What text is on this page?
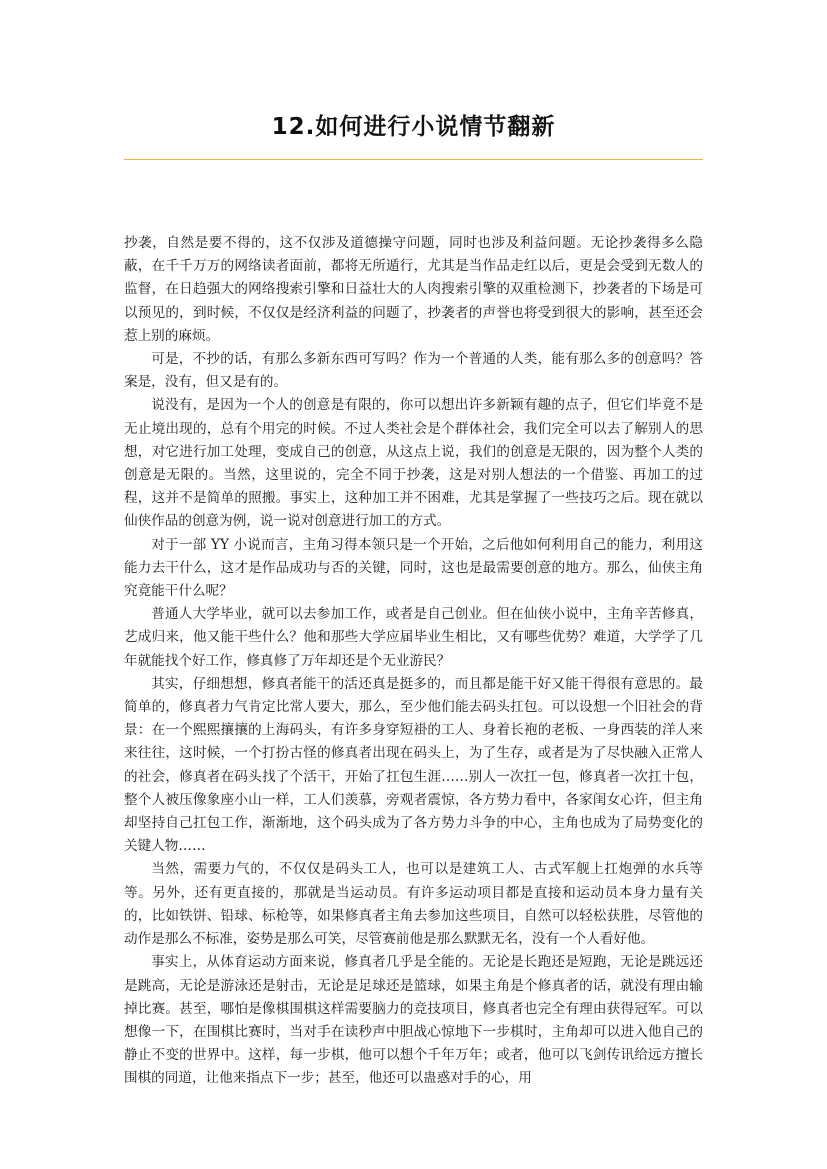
12.如何进行小说情节翻新

抄袭，自然是要不得的，这不仅涉及道德操守问题，同时也涉及利益问题。无论抄袭得多么隐蔽，在千千万万的网络读者面前，都将无所遁行，尤其是当作品走红以后，更是会受到无数人的监督，在日趋强大的网络搜索引擎和日益壮大的人肉搜索引擎的双重检测下，抄袭者的下场是可以预见的，到时候，不仅仅是经济利益的问题了，抄袭者的声誉也将受到很大的影响，甚至还会惹上别的麻烦。

可是，不抄的话，有那么多新东西可写吗？作为一个普通的人类，能有那么多的创意吗？答案是，没有，但又是有的。

说没有，是因为一个人的创意是有限的，你可以想出许多新颖有趣的点子，但它们毕竟不是无止境出现的，总有个用完的时候。不过人类社会是个群体社会，我们完全可以去了解别人的思想，对它进行加工处理，变成自己的创意，从这点上说，我们的创意是无限的，因为整个人类的创意是无限的。当然，这里说的，完全不同于抄袭，这是对别人想法的一个借鉴、再加工的过程，这并不是简单的照搬。事实上，这种加工并不困难，尤其是掌握了一些技巧之后。现在就以仙侠作品的创意为例，说一说对创意进行加工的方式。

对于一部 YY 小说而言，主角习得本领只是一个开始，之后他如何利用自己的能力，利用这能力去干什么，这才是作品成功与否的关键，同时，这也是最需要创意的地方。那么，仙侠主角究竟能干什么呢？

普通人大学毕业，就可以去参加工作，或者是自己创业。但在仙侠小说中，主角辛苦修真，艺成归来，他又能干些什么？他和那些大学应届毕业生相比，又有哪些优势？难道，大学学了几年就能找个好工作，修真修了万年却还是个无业游民？

其实，仔细想想，修真者能干的活还真是挺多的，而且都是能干好又能干得很有意思的。最简单的，修真者力气肯定比常人要大，那么，至少他们能去码头扛包。可以设想一个旧社会的背景：在一个熙熙攘攘的上海码头，有许多身穿短褂的工人、身着长袍的老板、一身西装的洋人来来往往，这时候，一个打扮古怪的修真者出现在码头上，为了生存，或者是为了尽快融入正常人的社会，修真者在码头找了个活干，开始了扛包生涯……别人一次扛一包，修真者一次扛十包，整个人被压像象座小山一样，工人们羡慕，旁观者震惊，各方势力看中，各家闺女心许，但主角却坚持自己扛包工作，渐渐地，这个码头成为了各方势力斗争的中心，主角也成为了局势变化的关键人物……

当然，需要力气的，不仅仅是码头工人，也可以是建筑工人、古式军舰上扛炮弹的水兵等等。另外，还有更直接的，那就是当运动员。有许多运动项目都是直接和运动员本身力量有关的，比如铁饼、铅球、标枪等，如果修真者主角去参加这些项目，自然可以轻松获胜，尽管他的动作是那么不标准，姿势是那么可笑，尽管赛前他是那么默默无名，没有一个人看好他。

事实上，从体育运动方面来说，修真者几乎是全能的。无论是长跑还是短跑，无论是跳远还是跳高，无论是游泳还是射击，无论是足球还是篮球，如果主角是个修真者的话，就没有理由输掉比赛。甚至，哪怕是像棋围棋这样需要脑力的竞技项目，修真者也完全有理由获得冠军。可以想像一下，在围棋比赛时，当对手在读秒声中胆战心惊地下一步棋时，主角却可以进入他自己的静止不变的世界中。这样，每一步棋，他可以想个千年万年；或者，他可以飞剑传讯给远方擅长围棋的同道，让他来指点下一步；甚至，他还可以蛊惑对手的心，用
